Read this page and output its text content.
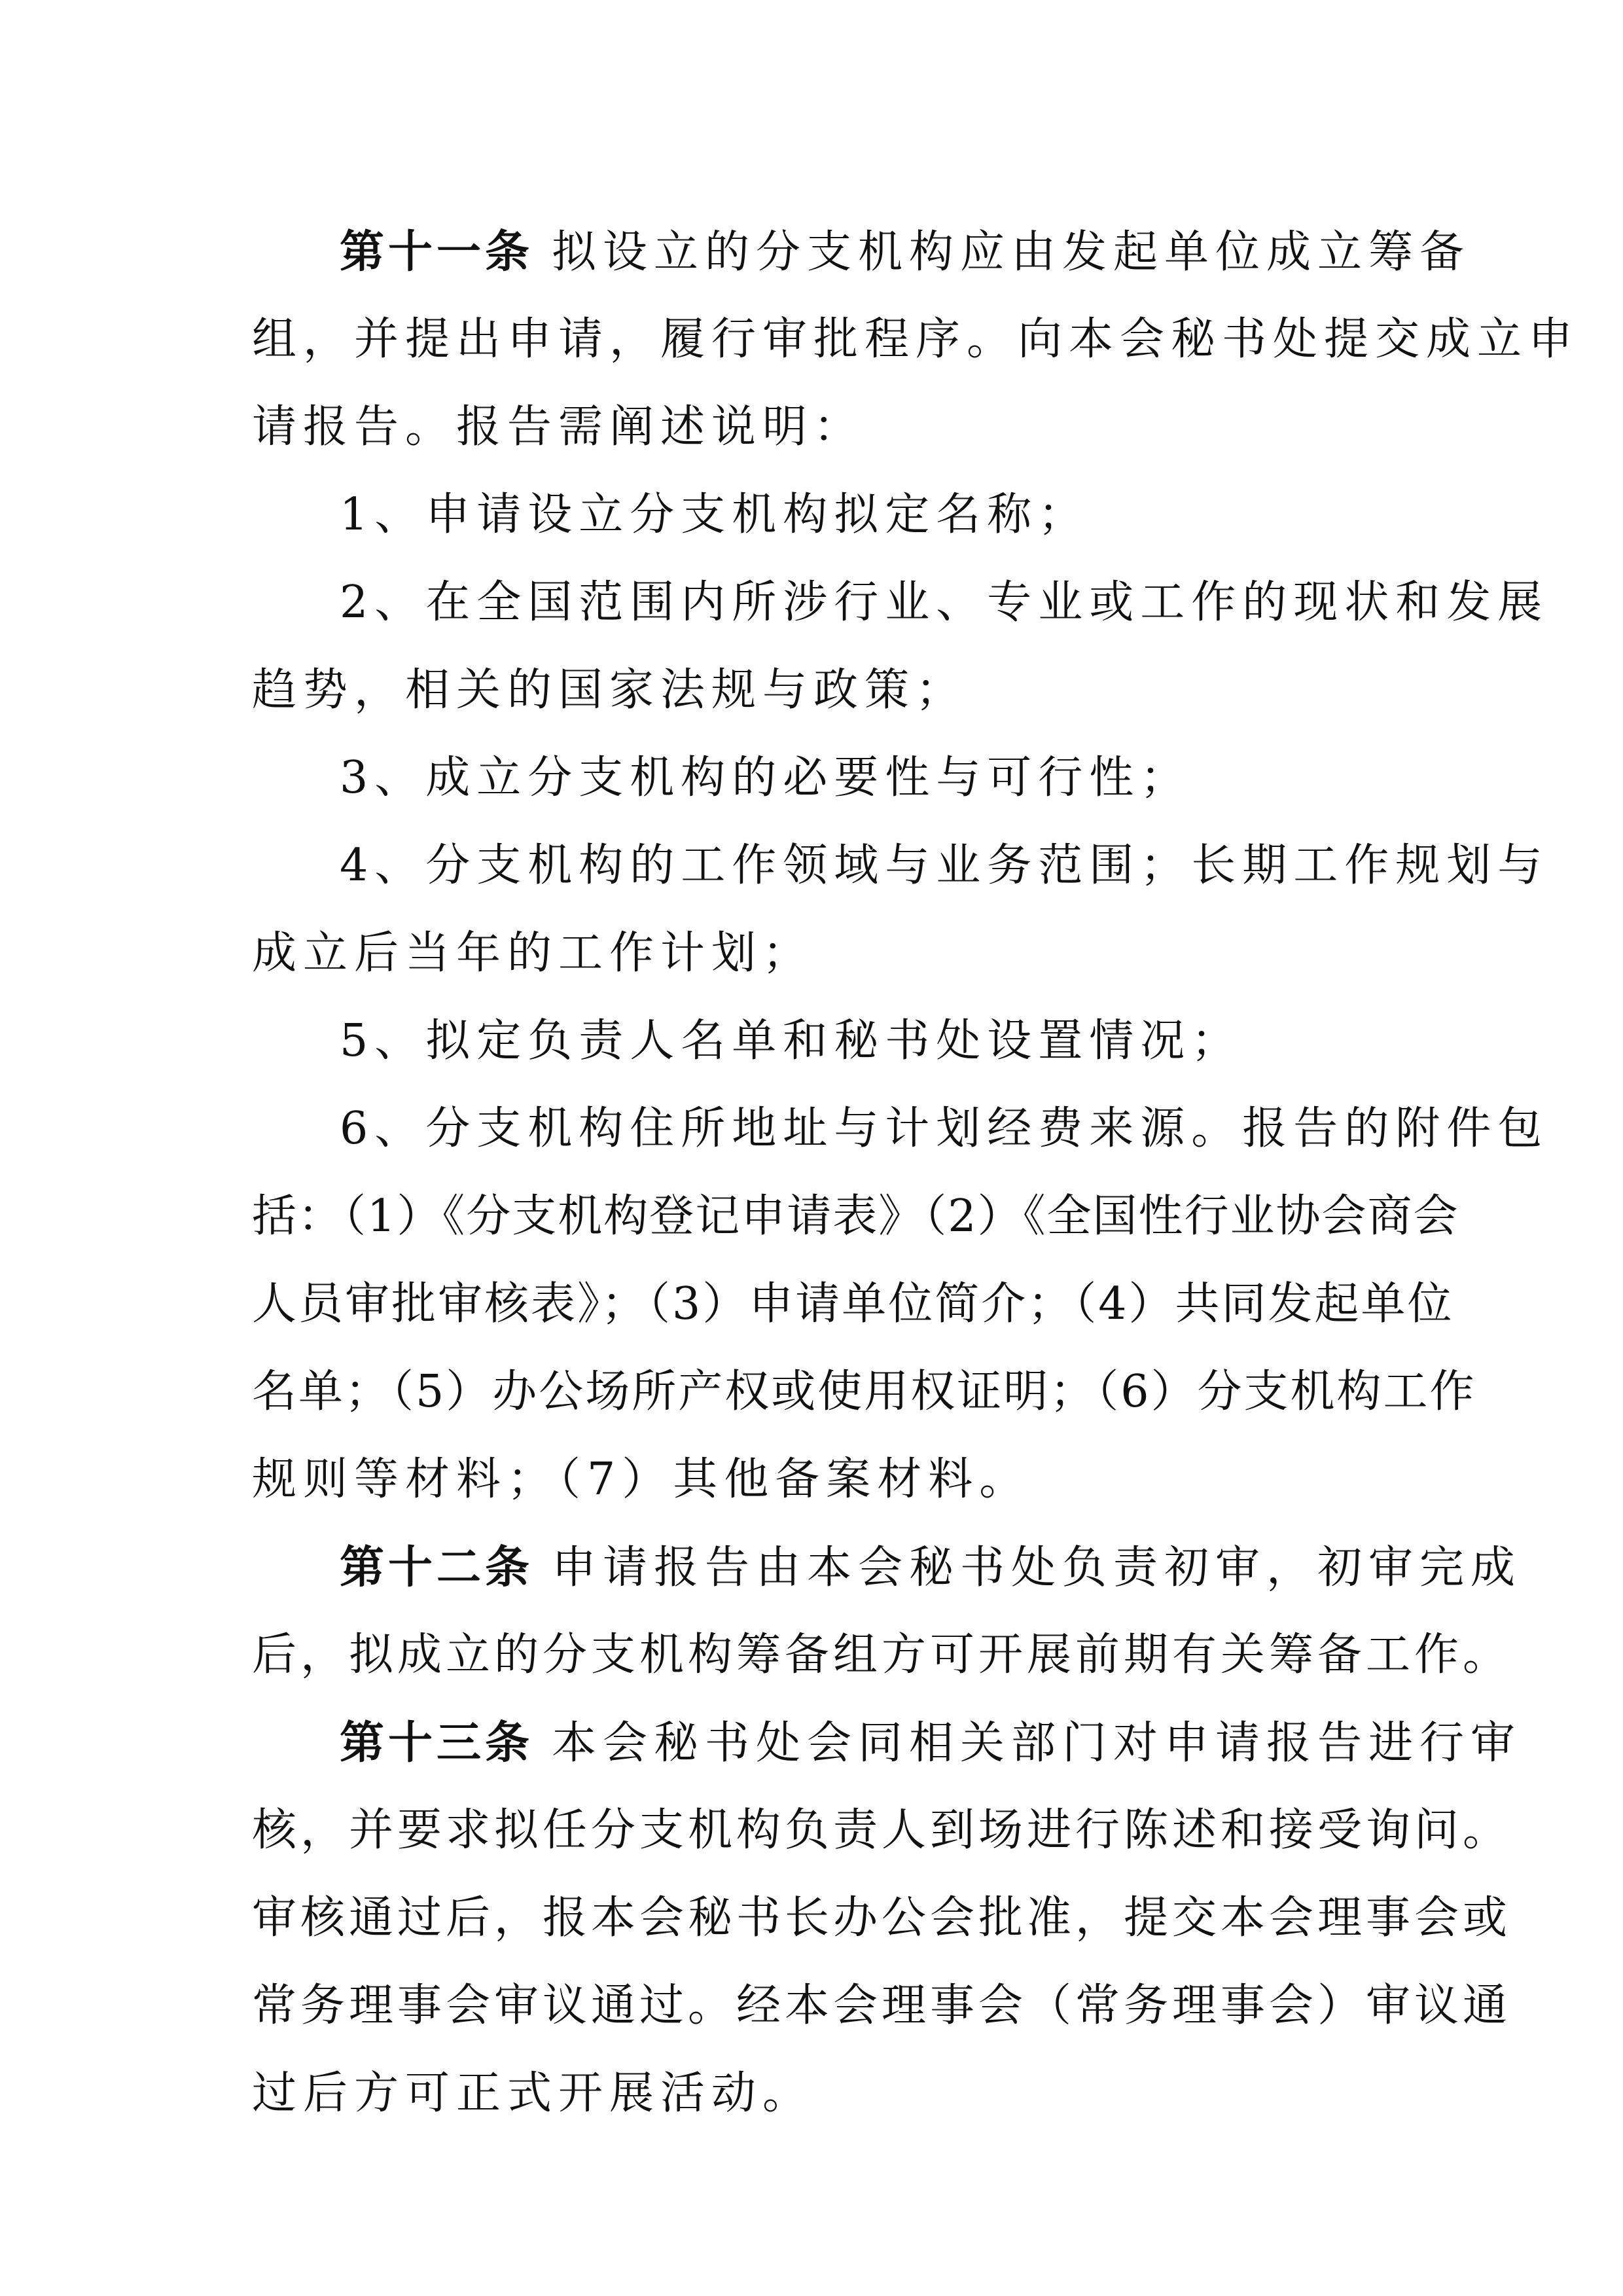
第十一条 拟设立的分支机构应由发起单位成立筹备
组，并提出申请，履行审批程序。向本会秘书处提交成立申
请报告。报告需阐述说明：
1、申请设立分支机构拟定名称；
2、在全国范围内所涉行业、专业或工作的现状和发展
趋势，相关的国家法规与政策；
3、成立分支机构的必要性与可行性；
4、分支机构的工作领域与业务范围；长期工作规划与
成立后当年的工作计划；
5、拟定负责人名单和秘书处设置情况；
6、分支机构住所地址与计划经费来源。报告的附件包
括：（1）《分支机构登记申请表》（2）《全国性行业协会商会
人员审批审核表》；（3）申请单位简介；（4）共同发起单位
名单；（5）办公场所产权或使用权证明；（6）分支机构工作
规则等材料；（7）其他备案材料。
第十二条 申请报告由本会秘书处负责初审，初审完成
后，拟成立的分支机构筹备组方可开展前期有关筹备工作。
第十三条 本会秘书处会同相关部门对申请报告进行审
核，并要求拟任分支机构负责人到场进行陈述和接受询问。
审核通过后，报本会秘书长办公会批准，提交本会理事会或
常务理事会审议通过。经本会理事会（常务理事会）审议通
过后方可正式开展活动。
